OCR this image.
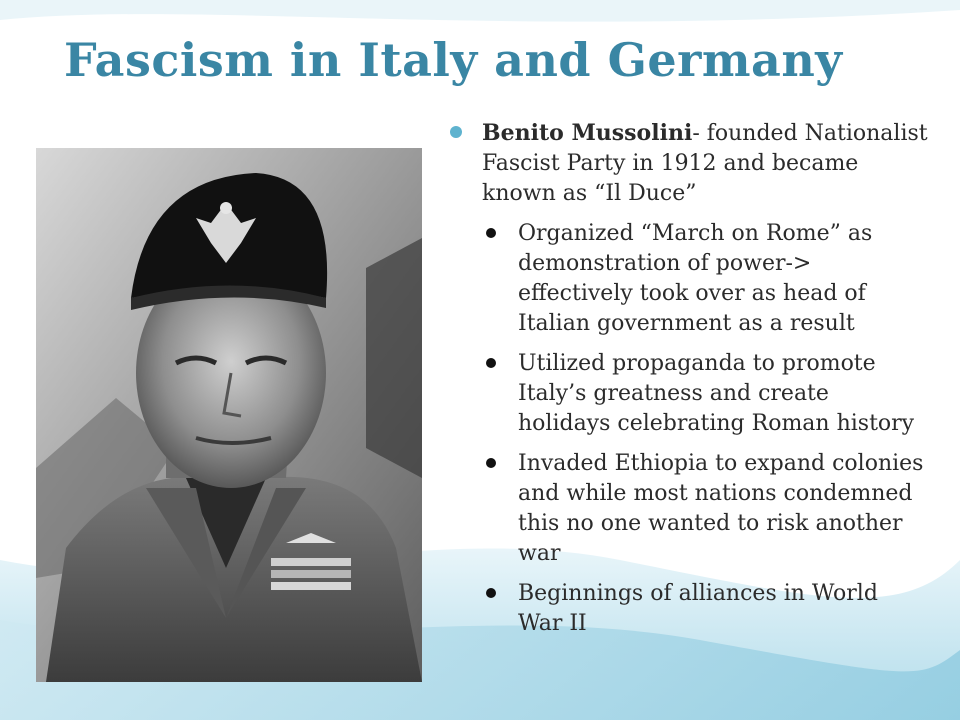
Fascism in Italy and Germany

Benito Mussolini- founded Nationalist Fascist Party in 1912 and became known as “Il Duce”

Organized “March on Rome” as demonstration of power-> effectively took over as head of Italian government as a result

Utilized propaganda to promote Italy’s greatness and create holidays celebrating Roman history

Invaded Ethiopia to expand colonies and while most nations condemned this no one wanted to risk another war

Beginnings of alliances in World War II
